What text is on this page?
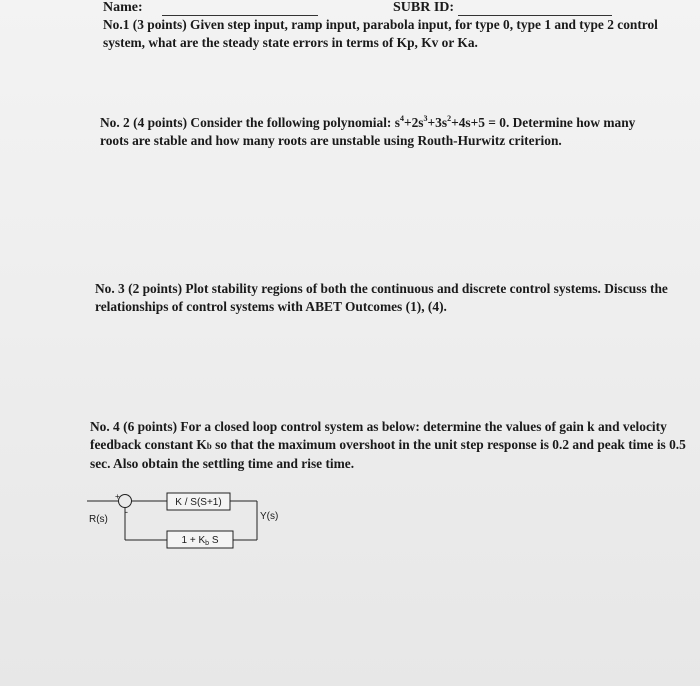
Name:	SUBR ID:
No.1 (3 points) Given step input, ramp input, parabola input, for type 0, type 1 and type 2 control system, what are the steady state errors in terms of Kp, Kv or Ka.
No. 2 (4 points) Consider the following polynomial: $s^4+2s^3+3s^2+4s+5 = 0$. Determine how many roots are stable and how many roots are unstable using Routh-Hurwitz criterion.
No. 3 (2 points) Plot stability regions of both the continuous and discrete control systems. Discuss the relationships of control systems with ABET Outcomes (1), (4).
No. 4 (6 points) For a closed loop control system as below: determine the values of gain k and velocity feedback constant Kb so that the maximum overshoot in the unit step response is 0.2 and peak time is 0.5 sec. Also obtain the settling time and rise time.
+
-
K / S(S+1)
$1 + K_b$ S
R(s)	Y(s)
